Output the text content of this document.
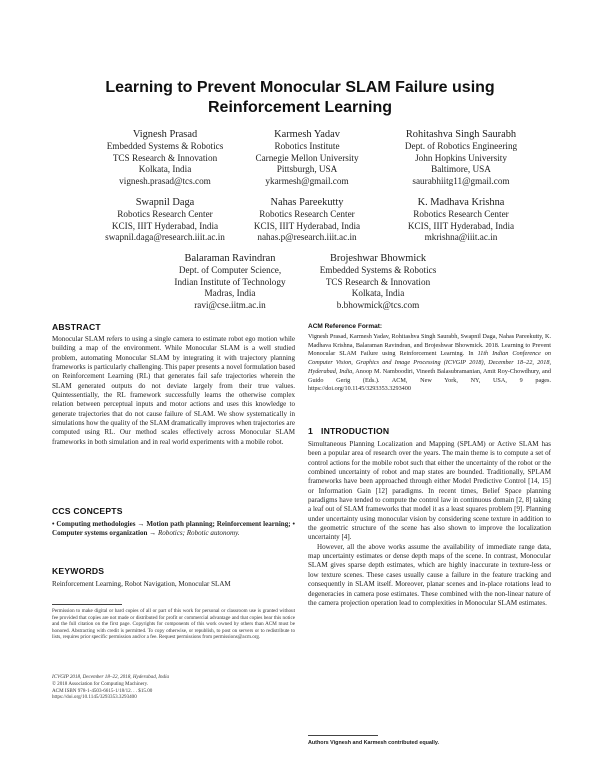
Learning to Prevent Monocular SLAM Failure using
Reinforcement Learning
Vignesh Prasad
Embedded Systems & Robotics
TCS Research & Innovation
Kolkata, India
vignesh.prasad@tcs.com
Karmesh Yadav
Robotics Institute
Carnegie Mellon University
Pittsburgh, USA
ykarmesh@gmail.com
Rohitashva Singh Saurabh
Dept. of Robotics Engineering
John Hopkins University
Baltimore, USA
saurabhiitg11@gmail.com
Swapnil Daga
Robotics Research Center
KCIS, IIIT Hyderabad, India
swapnil.daga@research.iiit.ac.in
Nahas Pareekutty
Robotics Research Center
KCIS, IIIT Hyderabad, India
nahas.p@research.iiit.ac.in
K. Madhava Krishna
Robotics Research Center
KCIS, IIIT Hyderabad, India
mkrishna@iiit.ac.in
Balaraman Ravindran
Dept. of Computer Science,
Indian Institute of Technology
Madras, India
ravi@cse.iitm.ac.in
Brojeshwar Bhowmick
Embedded Systems & Robotics
TCS Research & Innovation
Kolkata, India
b.bhowmick@tcs.com
ABSTRACT
Monocular SLAM refers to using a single camera to estimate robot ego motion while building a map of the environment. While Monocular SLAM is a well studied problem, automating Monocular SLAM by integrating it with trajectory planning frameworks is particularly challenging. This paper presents a novel formulation based on Reinforcement Learning (RL) that generates fail safe trajectories wherein the SLAM generated outputs do not deviate largely from their true values. Quintessentially, the RL framework successfully learns the otherwise complex relation between perceptual inputs and motor actions and uses this knowledge to generate trajectories that do not cause failure of SLAM. We show systematically in simulations how the quality of the SLAM dramatically improves when trajectories are computed using RL. Our method scales effectively across Monocular SLAM frameworks in both simulation and in real world experiments with a mobile robot.
CCS CONCEPTS
• Computing methodologies → Motion path planning; Reinforcement learning; • Computer systems organization → Robotics; Robotic autonomy.
KEYWORDS
Reinforcement Learning, Robot Navigation, Monocular SLAM
Permission to make digital or hard copies of all or part of this work for personal or classroom use is granted without fee provided that copies are not made or distributed for profit or commercial advantage and that copies bear this notice and the full citation on the first page. Copyrights for components of this work owned by others than ACM must be honored. Abstracting with credit is permitted. To copy otherwise, or republish, to post on servers or to redistribute to lists, requires prior specific permission and/or a fee. Request permissions from permissions@acm.org.
ICVGIP 2018, December 18–22, 2018, Hyderabad, India
© 2018 Association for Computing Machinery.
ACM ISBN 978-1-4503-6615-1/18/12. . . $15.00
https://doi.org/10.1145/3293353.3293400
ACM Reference Format:
Vignesh Prasad, Karmesh Yadav, Rohitashva Singh Saurabh, Swapnil Daga, Nahas Pareekutty, K. Madhava Krishna, Balaraman Ravindran, and Brojeshwar Bhowmick. 2018. Learning to Prevent Monocular SLAM Failure using Reinforcement Learning. In 11th Indian Conference on Computer Vision, Graphics and Image Processing (ICVGIP 2018), December 18–22, 2018, Hyderabad, India, Anoop M. Namboodiri, Vineeth Balasubramanian, Amit Roy-Chowdhury, and Guido Gerig (Eds.). ACM, New York, NY, USA, 9 pages. https://doi.org/10.1145/3293353.3293400
1 INTRODUCTION

Simultaneous Planning Localization and Mapping (SPLAM) or Active SLAM has been a popular area of research over the years. The main theme is to compute a set of control actions for the mobile robot such that either the uncertainty of the robot or the combined uncertainty of robot and map states are bounded. Traditionally, SPLAM frameworks have been approached through either Model Predictive Control [14, 15] or Information Gain [12] paradigms. In recent times, Belief Space planning paradigms have tended to compute the control law in continuous domain [2, 8] taking a leaf out of SLAM frameworks that model it as a least squares problem [9]. Planning under uncertainty using monocular vision by considering scene texture in addition to the geometric structure of the scene has also shown to improve the localization uncertainty [4].

However, all the above works assume the availability of immediate range data, map uncertainty estimates or dense depth maps of the scene. In contrast, Monocular SLAM gives sparse depth estimates, which are highly inaccurate in texture-less or low texture scenes. These cases usually cause a failure in the feature tracking and consequently in SLAM itself. Moreover, planar scenes and in-place rotations lead to degeneracies in camera pose estimates. These combined with the non-linear nature of the camera projection operation lead to complexities in Monocular SLAM estimates.

Authors Vignesh and Karmesh contributed equally.
